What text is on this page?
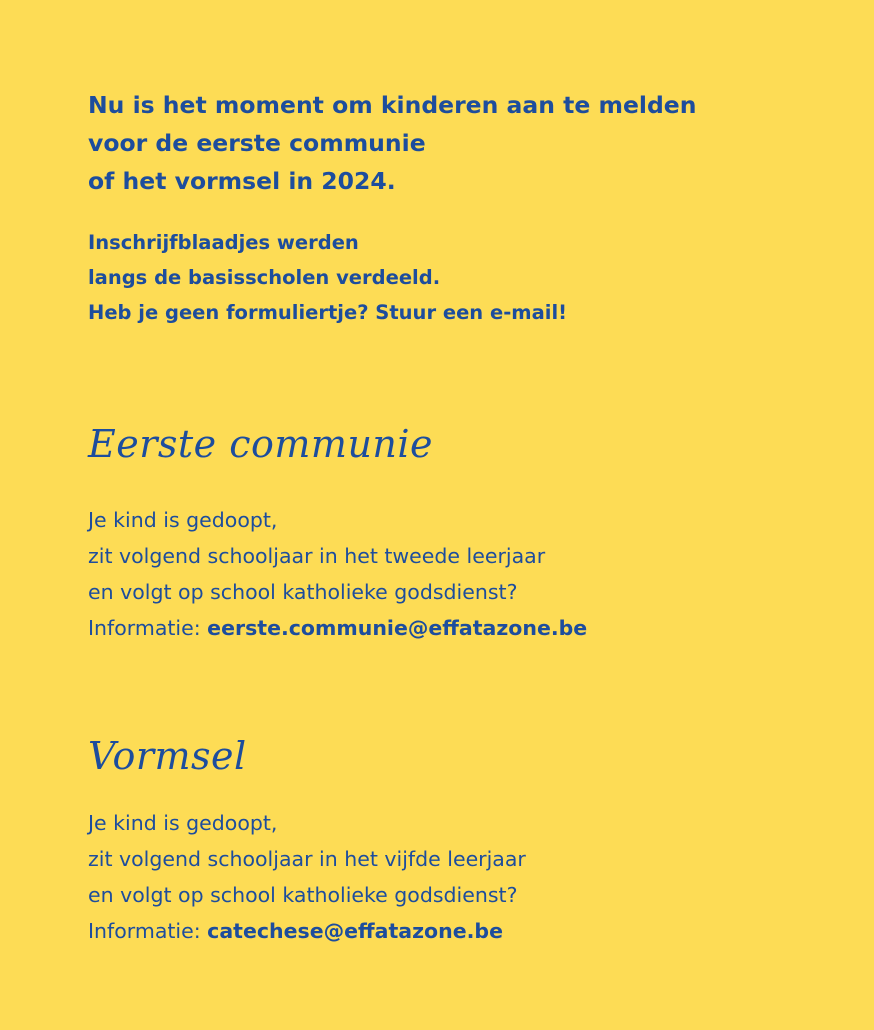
Nu is het moment om kinderen aan te melden
voor de eerste communie
of het vormsel in 2024.
Inschrijfblaadjes werden
langs de basisscholen verdeeld.
Heb je geen formuliertje? Stuur een e-mail!
Eerste communie
Je kind is gedoopt,
zit volgend schooljaar in het tweede leerjaar
en volgt op school katholieke godsdienst?
Informatie: eerste.communie@effatazone.be
Vormsel
Je kind is gedoopt,
zit volgend schooljaar in het vijfde leerjaar
en volgt op school katholieke godsdienst?
Informatie: catechese@effatazone.be
